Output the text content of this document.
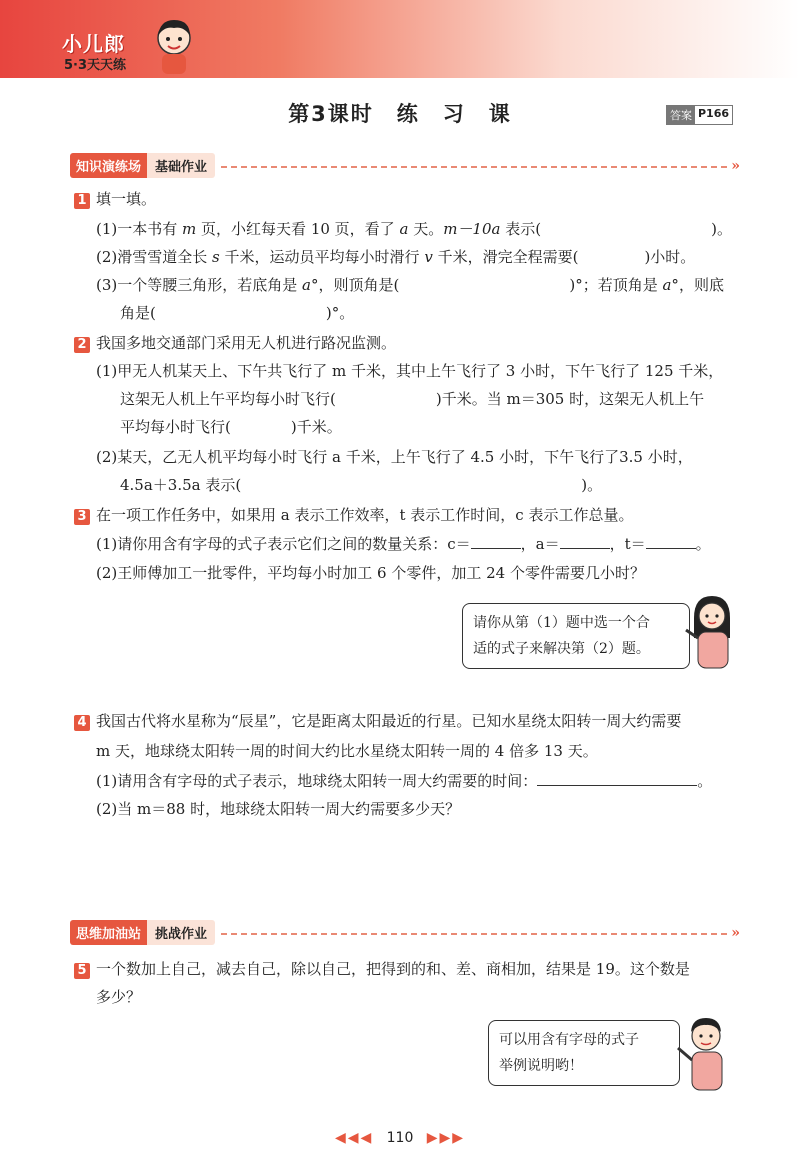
小儿郎
5·3天天练
第3课时　练　习　课	答案 P166
知识演练场	基础作业	»
1 填一填。
(1)一本书有 m 页，小红每天看 10 页，看了 a 天。m－10a 表示(	)。
(2)滑雪雪道全长 s 千米，运动员平均每小时滑行 v 千米，滑完全程需要(	)小时。
(3)一个等腰三角形，若底角是 a°，则顶角是(	)°；若顶角是 a°，则底
角是(	)°。
2 我国多地交通部门采用无人机进行路况监测。
(1)甲无人机某天上、下午共飞行了 m 千米，其中上午飞行了 3 小时，下午飞行了 125 千米，
这架无人机上午平均每小时飞行(	)千米。当 m＝305 时，这架无人机上午
平均每小时飞行(	)千米。
(2)某天，乙无人机平均每小时飞行 a 千米，上午飞行了 4.5 小时，下午飞行了3.5 小时，
4.5a＋3.5a 表示(	)。
3 在一项工作任务中，如果用 a 表示工作效率，t 表示工作时间，c 表示工作总量。
(1)请你用含有字母的式子表示它们之间的数量关系：c＝	，a＝	，t＝	。
(2)王师傅加工一批零件，平均每小时加工 6 个零件，加工 24 个零件需要几小时？
请你从第（1）题中选一个合
适的式子来解决第（2）题。
4 我国古代将水星称为“辰星”，它是距离太阳最近的行星。已知水星绕太阳转一周大约需要
m 天，地球绕太阳转一周的时间大约比水星绕太阳转一周的 4 倍多 13 天。
(1)请用含有字母的式子表示，地球绕太阳转一周大约需要的时间：	。
(2)当 m＝88 时，地球绕太阳转一周大约需要多少天？
思维加油站	挑战作业	»
5 一个数加上自己，减去自己，除以自己，把得到的和、差、商相加，结果是 19。这个数是
多少？
可以用含有字母的式子
举例说明哟！
◀◀◀ 110 ▶▶▶
